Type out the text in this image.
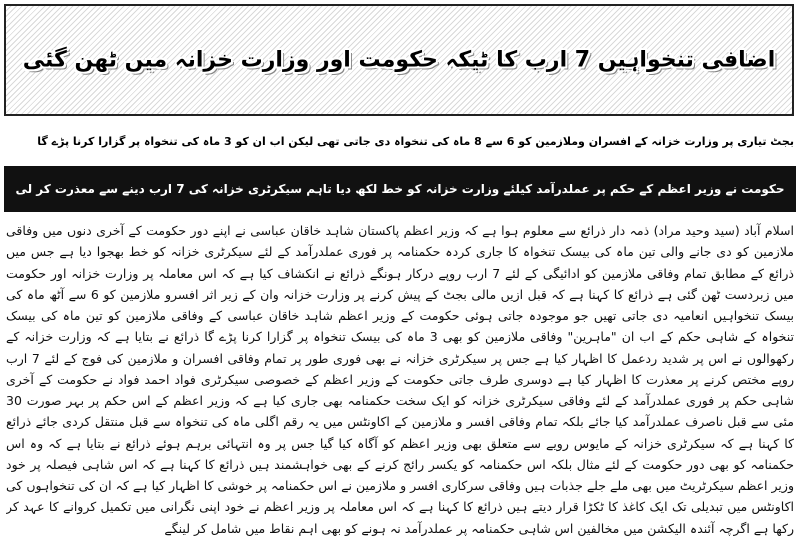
اضافی تنخواہیں 7 ارب کا ٹیکہ حکومت اور وزارت خزانہ میں ٹھن گئی
بجٹ تیاری پر وزارت خزانہ کے افسران وملازمین کو 6 سے 8 ماہ کی تنخواہ دی جاتی تھی لیکن اب ان کو 3 ماہ کی تنخواہ پر گزارا کرنا پڑے گا
حکومت نے وزیر اعظم کے حکم پر عملدرآمد کیلئے وزارت خزانہ کو خط لکھ دیا تاہم سیکرٹری خزانہ کی 7 ارب دینے سے معذرت کر لی
اسلام آباد (سید وحید مراد) ذمہ دار ذرائع سے معلوم ہوا ہے کہ وزیر اعظم پاکستان شاہد خاقان عباسی نے اپنے دور حکومت کے آخری دنوں میں وفاقی ملازمین کو دی جانے والی تین ماہ کی بیسک تنخواہ کا جاری کردہ حکمنامہ پر فوری عملدرآمد کے لئے سیکرٹری خزانہ کو خط بھجوا دیا ہے جس میں ذرائع کے مطابق تمام وفاقی ملازمین کو ادائیگی کے لئے 7 ارب روپے درکار ہونگے ذرائع نے انکشاف کیا ہے کہ اس معاملہ پر وزارت خزانہ اور حکومت میں زبردست ٹھن گئی ہے ذرائع کا کہنا ہے کہ قبل ازیں مالی بجٹ کے پیش کرنے پر وزارت خزانہ وان کے زیر اثر افسرو ملازمین کو 6 سے آٹھ ماہ کی بیسک تنخواہیں انعامیہ دی جاتی تھیں جو موجودہ جاتی ہوئی حکومت کے وزیر اعظم شاہد خاقان عباسی کے وفاقی ملازمین کو تین ماہ کی بیسک تنخواہ کے شاہی حکم کے اب ان "ماہرین" وفاقی ملازمین کو بھی 3 ماہ کی بیسک تنخواہ پر گزارا کرنا پڑے گا ذرائع نے بتایا ہے کہ وزارت خزانہ کے رکھوالوں نے اس پر شدید ردعمل کا اظہار کیا ہے جس پر سیکرٹری خزانہ نے بھی فوری طور پر تمام وفاقی افسران و ملازمین کی فوج کے لئے 7 ارب روپے مختص کرنے پر معذرت کا اظہار کیا ہے دوسری طرف جاتی حکومت کے وزیر اعظم کے خصوصی سیکرٹری فواد احمد فواد نے حکومت کے آخری شاہی حکم پر فوری عملدرآمد کے لئے وفاقی سیکرٹری خزانہ کو ایک سخت حکمنامہ بھی جاری کیا ہے کہ وزیر اعظم کے اس حکم پر بہر صورت 30 مئی سے قبل ناصرف عملدرآمد کیا جائے بلکہ تمام وفاقی افسر و ملازمین کے اکاونٹس میں یہ رقم اگلی ماہ کی تنخواہ سے قبل منتقل کردی جائے ذرائع کا کہنا ہے کہ سیکرٹری خزانہ کے مایوس رویے سے متعلق بھی وزیر اعظم کو آگاہ کیا گیا جس پر وہ انتہائی برہم ہوئے ذرائع نے بتایا ہے کہ وہ اس حکمنامہ کو بھی دور حکومت کے لئے مثال بلکہ اس حکمنامہ کو یکسر رائج کرنے کے بھی خواہشمند ہیں ذرائع کا کہنا ہے کہ اس شاہی فیصلہ پر خود وزیر اعظم سیکرٹریٹ میں بھی ملے جلے جذبات ہیں وفاقی سرکاری افسر و ملازمین نے اس حکمنامہ پر خوشی کا اظہار کیا ہے کہ ان کی تنخواہوں کی اکاونٹس میں تبدیلی تک ایک کاغذ کا ٹکڑا قرار دیتے ہیں ذرائع کا کہنا ہے کہ اس معاملہ پر وزیر اعظم نے خود اپنی نگرانی میں تکمیل کروانے کا عہد کر رکھا ہے اگرچہ آئندہ الیکشن میں مخالفین اس شاہی حکمنامہ پر عملدرآمد نہ ہونے کو بھی اہم نقاط میں شامل کر لینگے
